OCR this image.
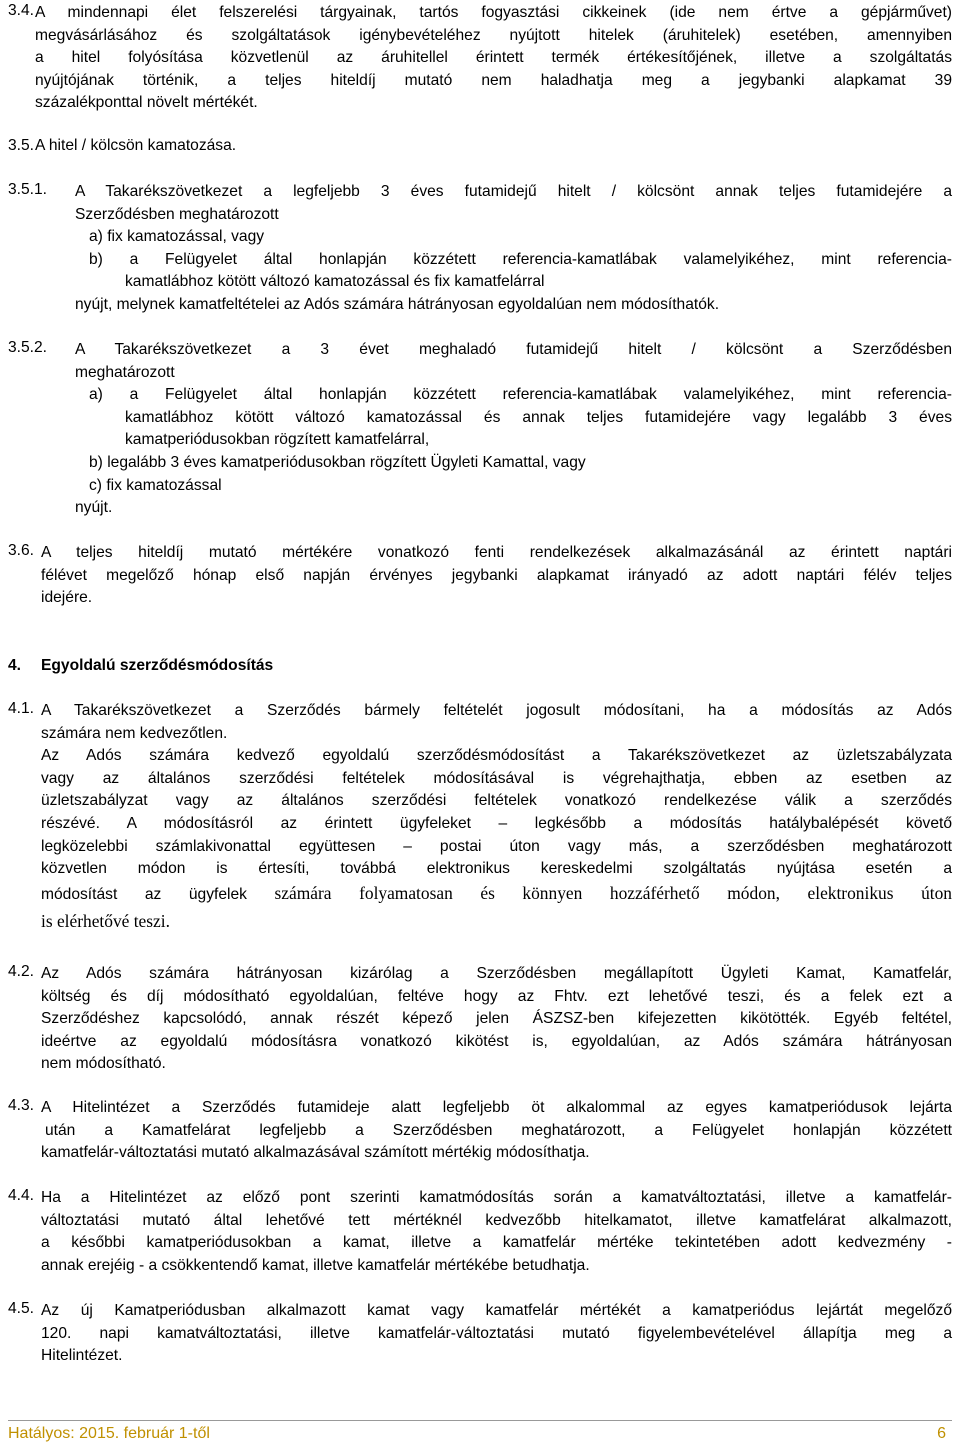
3.4. A mindennapi élet felszerelési tárgyainak, tartós fogyasztási cikkeinek (ide nem értve a gépjárművet)
megvásárlásához és szolgáltatások igénybevételéhez nyújtott hitelek (áruhitelek) esetében, amennyiben
a hitel folyósítása közvetlenül az áruhitellel érintett termék értékesítőjének, illetve a szolgáltatás
nyújtójának történik, a teljes hiteldíj mutató nem haladhatja meg a jegybanki alapkamat 39
százalékponttal növelt mértékét.
3.5. A hitel / kölcsön kamatozása.
3.5.1. A Takarékszövetkezet a legfeljebb 3 éves futamidejű hitelt / kölcsönt annak teljes futamidejére a
Szerződésben meghatározott
a) fix kamatozással, vagy
b) a Felügyelet által honlapján közzétett referencia-kamatlábak valamelyikéhez, mint referencia-
kamatlábhoz kötött változó kamatozással és fix kamatfelárral
nyújt, melynek kamatfeltételei az Adós számára hátrányosan egyoldalúan nem módosíthatók.
3.5.2. A Takarékszövetkezet a 3 évet meghaladó futamidejű hitelt / kölcsönt a Szerződésben
meghatározott
a) a Felügyelet által honlapján közzétett referencia-kamatlábak valamelyikéhez, mint referencia-
kamatlábhoz kötött változó kamatozással és annak teljes futamidejére vagy legalább 3 éves
kamatperiódusokban rögzített kamatfelárral,
b) legalább 3 éves kamatperiódusokban rögzített Ügyleti Kamattal, vagy
c) fix kamatozással
nyújt.
3.6. A teljes hiteldíj mutató mértékére vonatkozó fenti rendelkezések alkalmazásánál az érintett naptári
félévet megelőző hónap első napján érvényes jegybanki alapkamat irányadó az adott naptári félév teljes
idejére.
4. Egyoldalú szerződésmódosítás
4.1. A Takarékszövetkezet a Szerződés bármely feltételét jogosult módosítani, ha a módosítás az Adós
számára nem kedvezőtlen.
Az Adós számára kedvező egyoldalú szerződésmódosítást a Takarékszövetkezet az üzletszabályzata
vagy az általános szerződési feltételek módosításával is végrehajthatja, ebben az esetben az
üzletszabályzat vagy az általános szerződési feltételek vonatkozó rendelkezése válik a szerződés
részévé. A módosításról az érintett ügyfeleket – legkésőbb a módosítás hatálybalépését követő
legközelebbi számlakivonattal együttesen – postai úton vagy más, a szerződésben meghatározott
közvetlen módon is értesíti, továbbá elektronikus kereskedelmi szolgáltatás nyújtása esetén a
módosítást az ügyfelek számára folyamatosan és könnyen hozzáférhető módon, elektronikus úton
is elérhetővé teszi.
4.2. Az Adós számára hátrányosan kizárólag a Szerződésben megállapított Ügyleti Kamat, Kamatfelár,
költség és díj módosítható egyoldalúan, feltéve hogy az Fhtv. ezt lehetővé teszi, és a felek ezt a
Szerződéshez kapcsolódó, annak részét képező jelen ÁSZSZ-ben kifejezetten kikötötték. Egyéb feltétel,
ideértve az egyoldalú módosításra vonatkozó kikötést is, egyoldalúan, az Adós számára hátrányosan
nem módosítható.
4.3. A Hitelintézet a Szerződés futamideje alatt legfeljebb öt alkalommal az egyes kamatperiódusok lejárta
után a Kamatfelárat legfeljebb a Szerződésben meghatározott, a Felügyelet honlapján közzétett
kamatfelár-változtatási mutató alkalmazásával számított mértékig módosíthatja.
4.4. Ha a Hitelintézet az előző pont szerinti kamatmódosítás során a kamatváltoztatási, illetve a kamatfelár-
változtatási mutató által lehetővé tett mértéknél kedvezőbb hitelkamatot, illetve kamatfelárat alkalmazott,
a későbbi kamatperiódusokban a kamat, illetve a kamatfelár mértéke tekintetében adott kedvezmény -
annak erejéig - a csökkentendő kamat, illetve kamatfelár mértékébe betudhatja.
4.5. Az új Kamatperiódusban alkalmazott kamat vagy kamatfelár mértékét a kamatperiódus lejártát megelőző
120. napi kamatváltoztatási, illetve kamatfelár-változtatási mutató figyelembevételével állapítja meg a
Hitelintézet.
Hatályos: 2015. február 1-től	6
